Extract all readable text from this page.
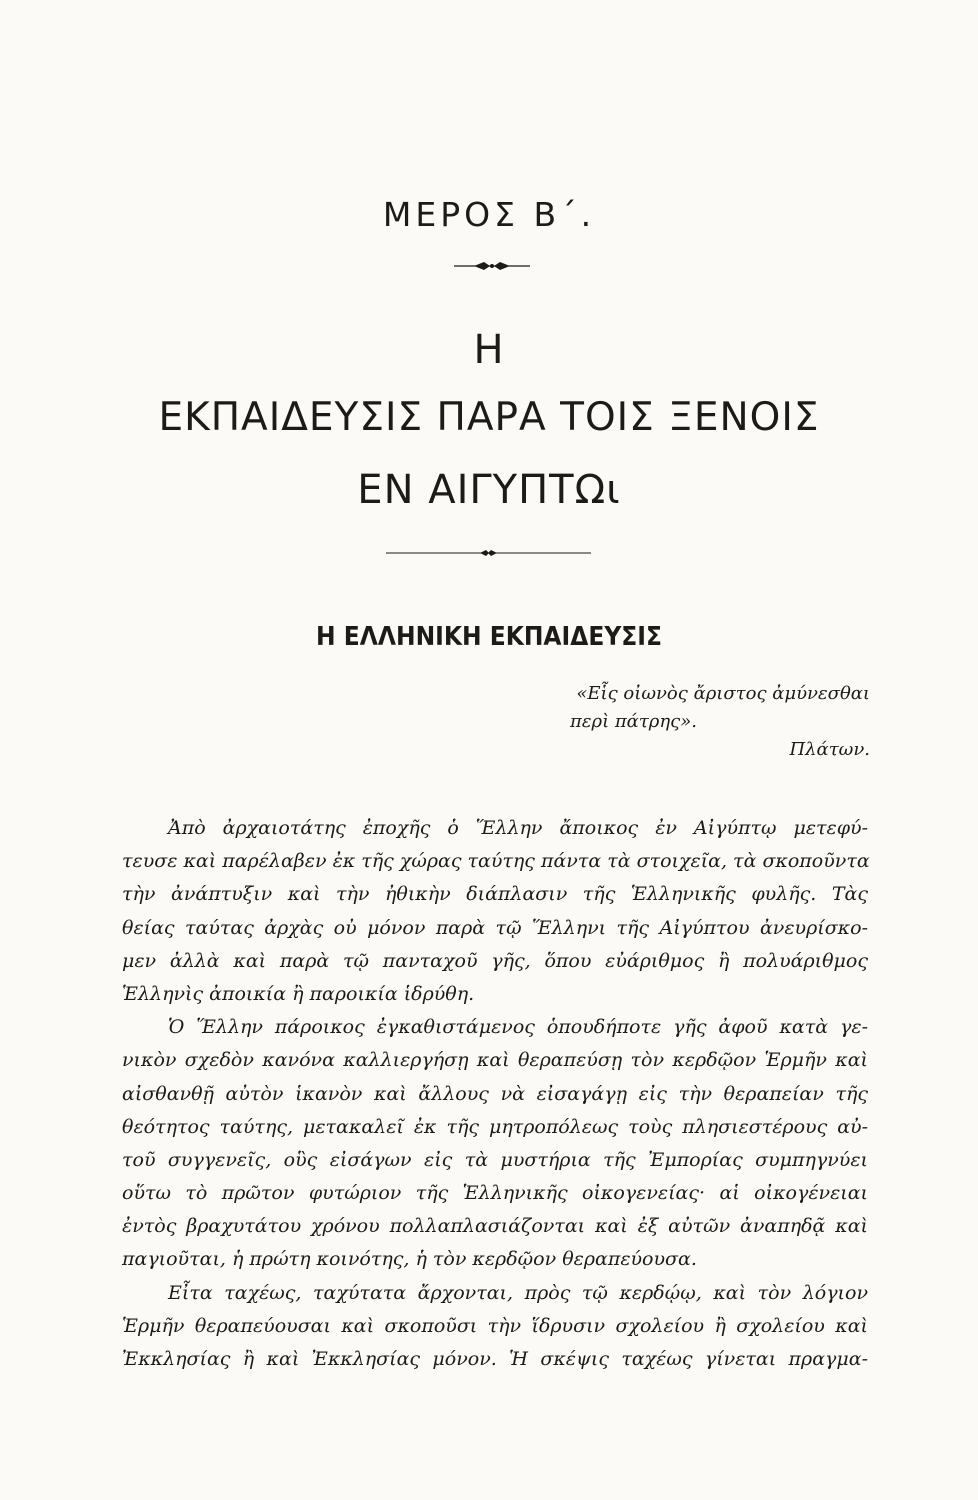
ΜΕΡΟΣ Β΄.
Η
ΕΚΠΑΙΔΕΥΣΙΣ ΠΑΡΑ ΤΟΙΣ ΞΕΝΟΙΣ
ΕΝ ΑΙΓΥΠΤΩι
Η ΕΛΛΗΝΙΚΗ ΕΚΠΑΙΔΕΥΣΙΣ
«Εἷς οἰωνὸς ἄριστος ἀμύνεσθαι
περὶ πάτρης».
Πλάτων.
Ἀπὸ ἀρχαιοτάτης ἐποχῆς ὁ Ἕλλην ἄποικος ἐν Αἰγύπτῳ μετεφύ-
τευσε καὶ παρέλαβεν ἐκ τῆς χώρας ταύτης πάντα τὰ στοιχεῖα, τὰ σκοποῦντα
τὴν ἀνάπτυξιν καὶ τὴν ἠθικὴν διάπλασιν τῆς Ἑλληνικῆς φυλῆς. Τὰς
θείας ταύτας ἀρχὰς οὐ μόνον παρὰ τῷ Ἕλληνι τῆς Αἰγύπτου ἀνευρίσκο-
μεν ἀλλὰ καὶ παρὰ τῷ πανταχοῦ γῆς, ὅπου εὐάριθμος ἢ πολυάριθμος
Ἑλληνὶς ἀποικία ἢ παροικία ἱδρύθη.
Ὁ Ἕλλην πάροικος ἐγκαθιστάμενος ὁπουδήποτε γῆς ἀφοῦ κατὰ γε-
νικὸν σχεδὸν κανόνα καλλιεργήσῃ καὶ θεραπεύσῃ τὸν κερδῷον Ἑρμῆν καὶ
αἰσθανθῇ αὐτὸν ἱκανὸν καὶ ἄλλους νὰ εἰσαγάγῃ εἰς τὴν θεραπείαν τῆς
θεότητος ταύτης, μετακαλεῖ ἐκ τῆς μητροπόλεως τοὺς πλησιεστέρους αὐ-
τοῦ συγγενεῖς, οὓς εἰσάγων εἰς τὰ μυστήρια τῆς Ἐμπορίας συμπηγνύει
οὕτω τὸ πρῶτον φυτώριον τῆς Ἑλληνικῆς οἰκογενείας· αἱ οἰκογένειαι
ἐντὸς βραχυτάτου χρόνου πολλαπλασιάζονται καὶ ἐξ αὐτῶν ἀναπηδᾷ καὶ
παγιοῦται, ἡ πρώτη κοινότης, ἡ τὸν κερδῷον θεραπεύουσα.
Εἶτα ταχέως, ταχύτατα ἄρχονται, πρὸς τῷ κερδῴῳ, καὶ τὸν λόγιον
Ἑρμῆν θεραπεύουσαι καὶ σκοποῦσι τὴν ἵδρυσιν σχολείου ἢ σχολείου καὶ
Ἐκκλησίας ἢ καὶ Ἐκκλησίας μόνον. Ἡ σκέψις ταχέως γίνεται πραγμα-
